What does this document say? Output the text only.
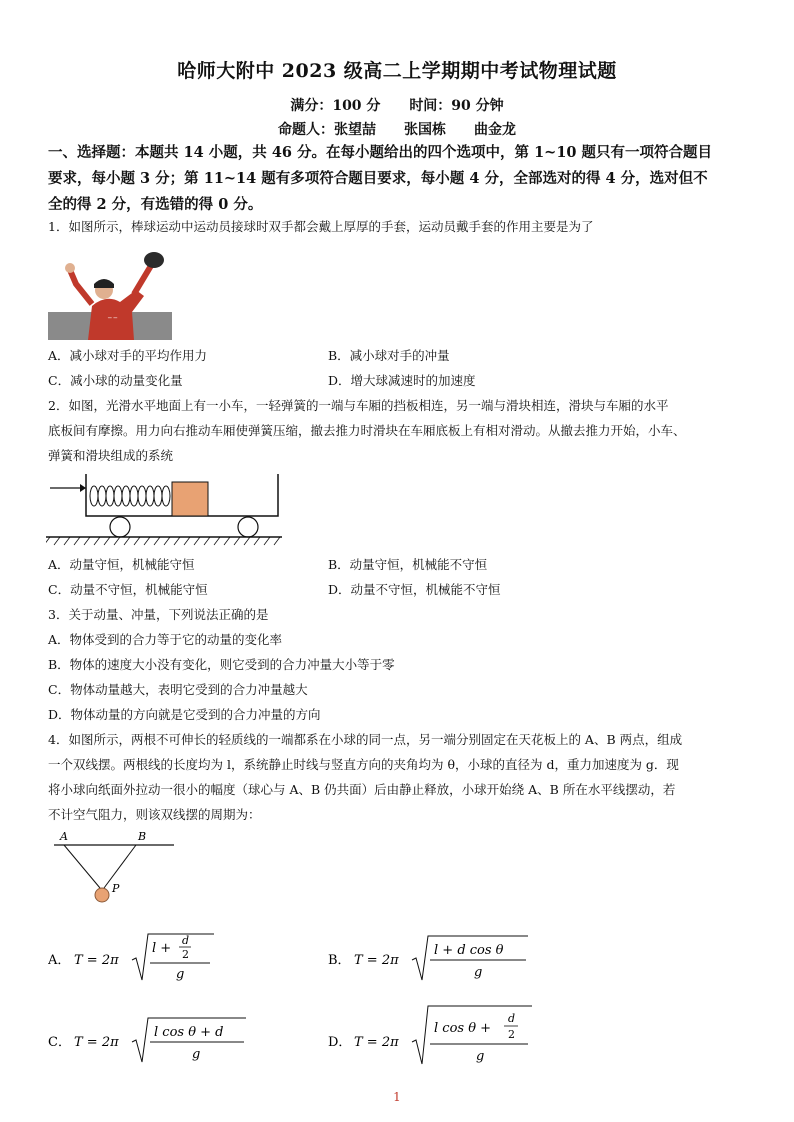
哈师大附中 2023 级高二上学期期中考试物理试题
满分：100 分 时间：90 分钟
命题人：张望喆　　张国栋　　曲金龙
一、选择题：本题共 14 小题，共 46 分。在每小题给出的四个选项中，第 1~10 题只有一项符合题目
要求，每小题 3 分；第 11~14 题有多项符合题目要求，每小题 4 分，全部选对的得 4 分，选对但不
全的得 2 分，有选错的得 0 分。
1．如图所示，棒球运动中运动员接球时双手都会戴上厚厚的手套，运动员戴手套的作用主要是为了
─ ─
A．减小球对手的平均作用力	B．减小球对手的冲量
C．减小球的动量变化量	D．增大球减速时的加速度
2．如图，光滑水平地面上有一小车，一轻弹簧的一端与车厢的挡板相连，另一端与滑块相连，滑块与车厢的水平
底板间有摩擦。用力向右推动车厢使弹簧压缩，撤去推力时滑块在车厢底板上有相对滑动。从撤去推力开始，小车、
弹簧和滑块组成的系统
A．动量守恒，机械能守恒	B．动量守恒，机械能不守恒
C．动量不守恒，机械能守恒	D．动量不守恒，机械能不守恒
3．关于动量、冲量，下列说法正确的是
A．物体受到的合力等于它的动量的变化率
B．物体的速度大小没有变化，则它受到的合力冲量大小等于零
C．物体动量越大，表明它受到的合力冲量越大
D．物体动量的方向就是它受到的合力冲量的方向
4．如图所示，两根不可伸长的轻质线的一端都系在小球的同一点，另一端分别固定在天花板上的 A、B 两点，组成
一个双线摆。两根线的长度均为 l，系统静止时线与竖直方向的夹角均为 θ，小球的直径为 d，重力加速度为 g．现
将小球向纸面外拉动一很小的幅度（球心与 A、B 仍共面）后由静止释放，小球开始绕 A、B 所在水平线摆动，若
不计空气阻力，则该双线摆的周期为：
A	B
P
A． T = 2π
l +
d
2
g
B． T = 2π
l + d cos θ
g
C． T = 2π
l cos θ + d
g
D． T = 2π
l cos θ +
d
2
g
1
